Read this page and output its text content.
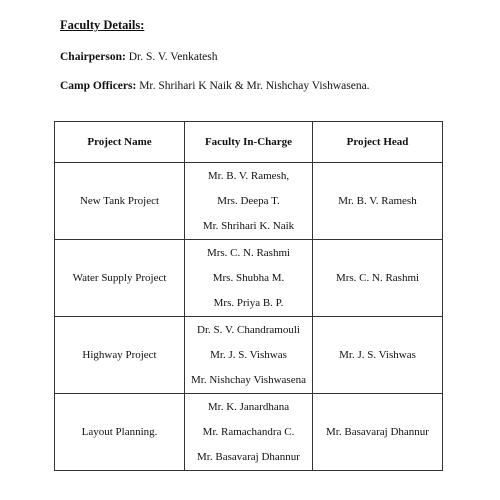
Faculty Details:
Chairperson: Dr. S. V. Venkatesh
Camp Officers: Mr. Shrihari K Naik & Mr. Nishchay Vishwasena.
Project Name	Faculty In-Charge	Project Head
New Tank Project	Mr. B. V. Ramesh,
Mrs. Deepa T.
Mr. Shrihari K. Naik	Mr. B. V. Ramesh
Water Supply Project	Mrs. C. N. Rashmi
Mrs. Shubha M.
Mrs. Priya B. P.	Mrs. C. N. Rashmi
Highway Project	Dr. S. V. Chandramouli
Mr. J. S. Vishwas
Mr. Nishchay Vishwasena	Mr. J. S. Vishwas
Layout Planning.	Mr. K. Janardhana
Mr. Ramachandra C.
Mr. Basavaraj Dhannur	Mr. Basavaraj Dhannur
